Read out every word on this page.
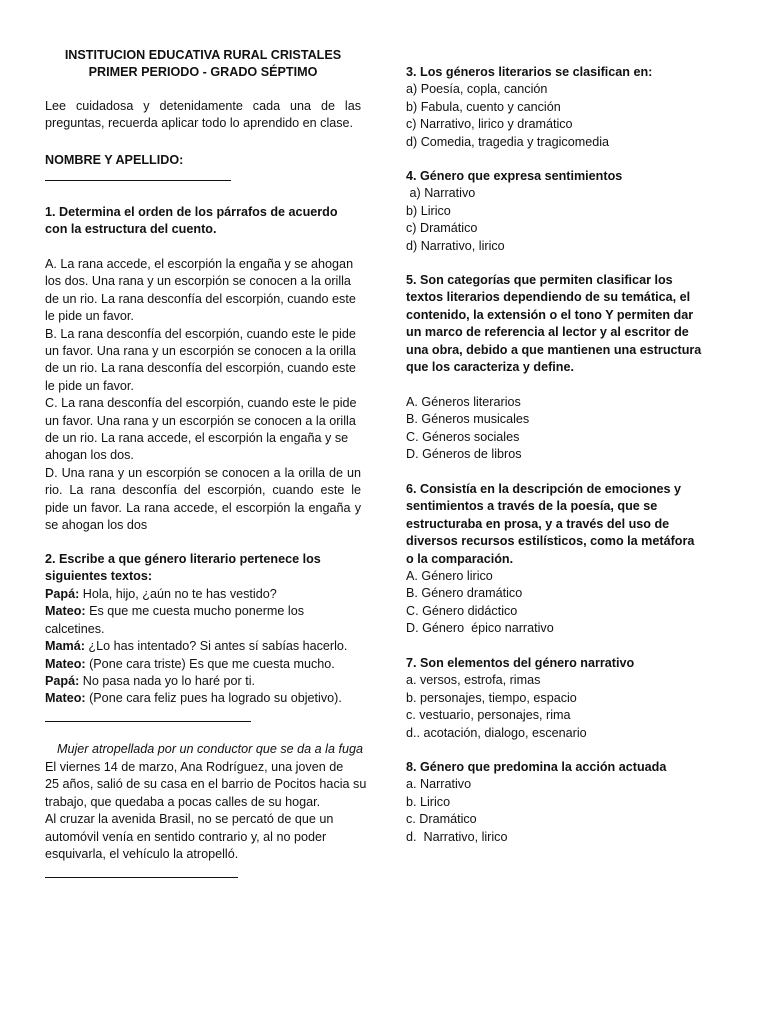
INSTITUCION EDUCATIVA RURAL CRISTALES
PRIMER PERIODO - GRADO SÉPTIMO
Lee cuidadosa y detenidamente cada una de las preguntas, recuerda aplicar todo lo aprendido en clase.
NOMBRE Y APELLIDO:
1. Determina el orden de los párrafos de acuerdo con la estructura del cuento.
A. La rana accede, el escorpión la engaña y se ahogan los dos. Una rana y un escorpión se conocen a la orilla de un rio. La rana desconfía del escorpión, cuando este le pide un favor.
B. La rana desconfía del escorpión, cuando este le pide un favor. Una rana y un escorpión se conocen a la orilla de un rio. La rana desconfía del escorpión, cuando este le pide un favor.
C. La rana desconfía del escorpión, cuando este le pide un favor. Una rana y un escorpión se conocen a la orilla de un rio. La rana accede, el escorpión la engaña y se ahogan los dos.
D. Una rana y un escorpión se conocen a la orilla de un rio. La rana desconfía del escorpión, cuando este le pide un favor. La rana accede, el escorpión la engaña y se ahogan los dos
2. Escribe a que género literario pertenece los siguientes textos:
Papá: Hola, hijo, ¿aún no te has vestido?
Mateo: Es que me cuesta mucho ponerme los calcetines.
Mamá: ¿Lo has intentado? Si antes sí sabías hacerlo.
Mateo: (Pone cara triste) Es que me cuesta mucho.
Papá: No pasa nada yo lo haré por ti.
Mateo: (Pone cara feliz pues ha logrado su objetivo).
Mujer atropellada por un conductor que se da a la fuga
El viernes 14 de marzo, Ana Rodríguez, una joven de
25 años, salió de su casa en el barrio de Pocitos hacia su
trabajo, que quedaba a pocas calles de su hogar.
Al cruzar la avenida Brasil, no se percató de que un
automóvil venía en sentido contrario y, al no poder
esquivarla, el vehículo la atropelló.
3. Los géneros literarios se clasifican en:
a) Poesía, copla, canción
b) Fabula, cuento y canción
c) Narrativo, lirico y dramático
d) Comedia, tragedia y tragicomedia
4. Género que expresa sentimientos
a) Narrativo
b) Lirico
c) Dramático
d) Narrativo, lirico
5. Son categorías que permiten clasificar los textos literarios dependiendo de su temática, el contenido, la extensión o el tono Y permiten dar un marco de referencia al lector y al escritor de una obra, debido a que mantienen una estructura que los caracteriza y define.
A. Géneros literarios
B. Géneros musicales
C. Géneros sociales
D. Géneros de libros
6. Consistía en la descripción de emociones y
sentimientos a través de la poesía, que se
estructuraba en prosa, y a través del uso de
diversos recursos estilísticos, como la metáfora
o la comparación.
A. Género lirico
B. Género dramático
C. Género didáctico
D. Género  épico narrativo
7. Son elementos del género narrativo
a. versos, estrofa, rimas
b. personajes, tiempo, espacio
c. vestuario, personajes, rima
d.. acotación, dialogo, escenario
8. Género que predomina la acción actuada
a. Narrativo
b. Lirico
c. Dramático
d.  Narrativo, lirico
